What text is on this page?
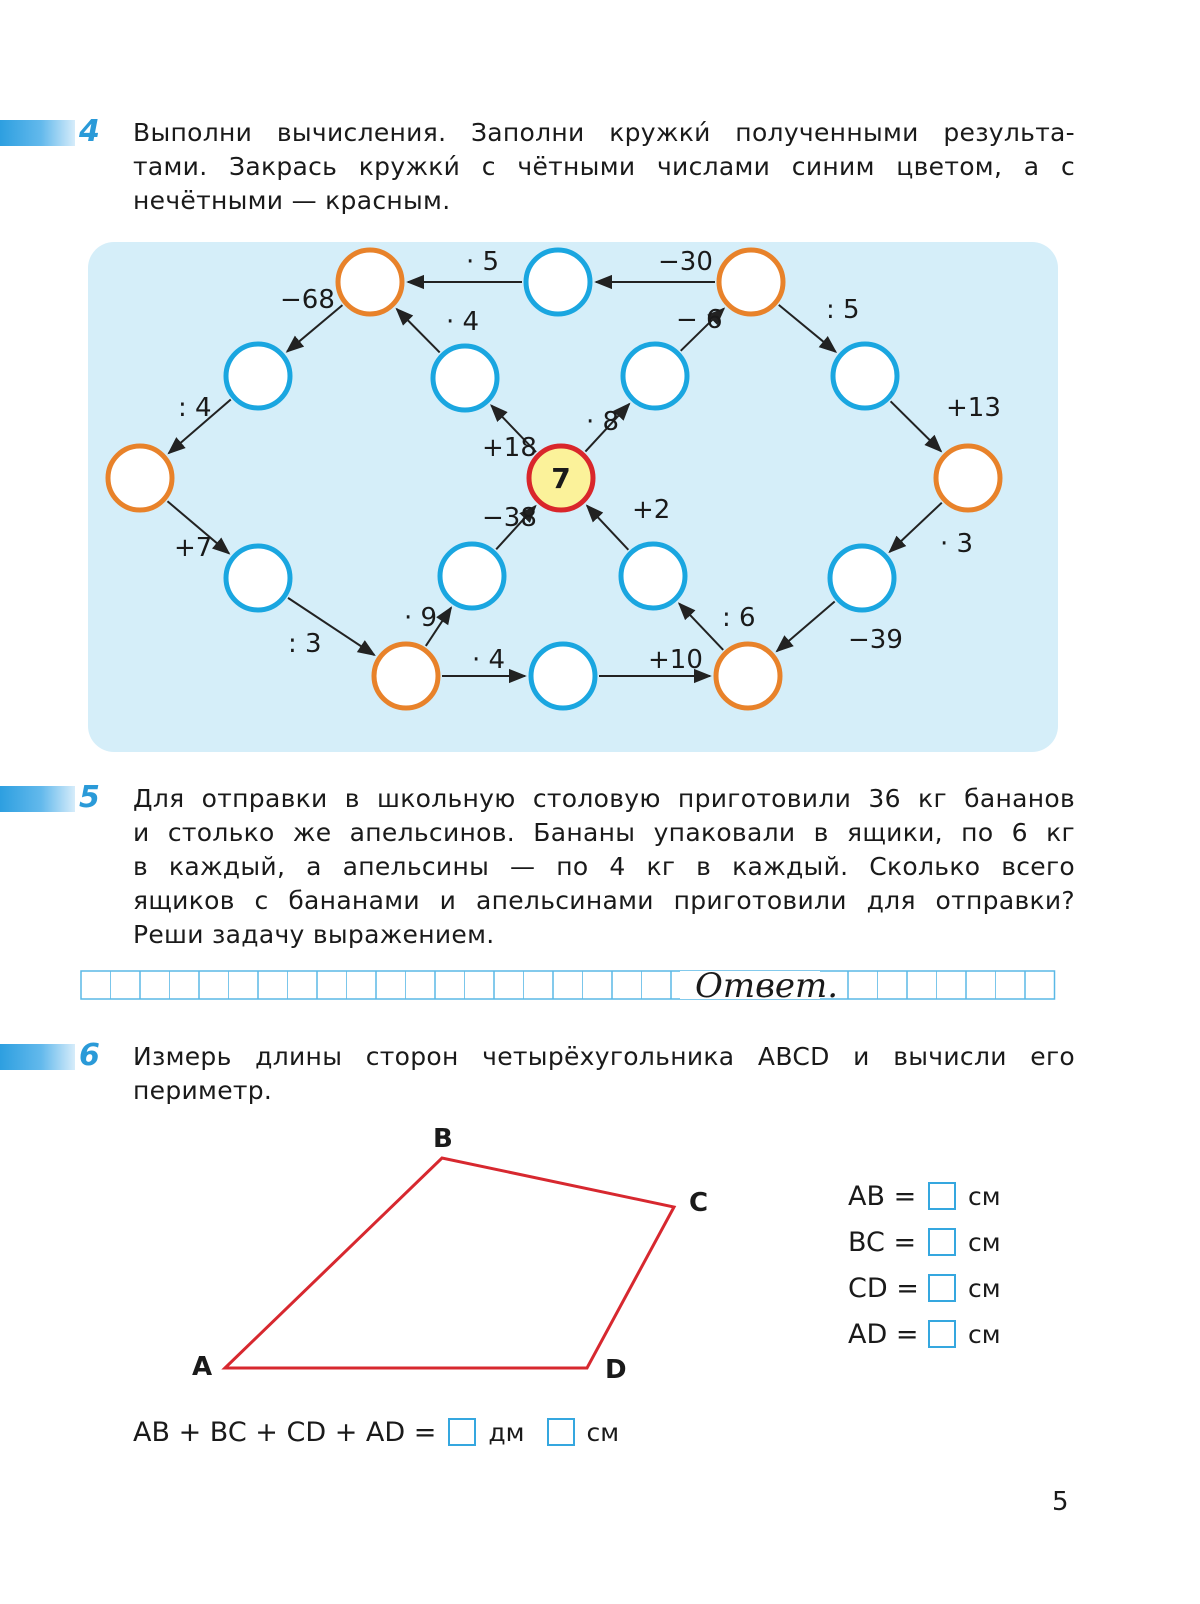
4 Выполни вычисления. Заполни кружки́ полученными результа-
тами. Закрась кружки́ с чётными числами синим цветом, а с
нечётными — красным.
7
· 5	−30
−68
· 4	− 6	: 5
: 4	· 8	+13
+18
+2
−38
+7	· 3
· 9	: 6
: 3	−39
· 4	+10
5 Для отправки в школьную столовую приготовили 36 кг бананов
и столько же апельсинов. Бананы упаковали в ящики, по 6 кг
в каждый, а апельсины — по 4 кг в каждый. Сколько всего
ящиков с бананами и апельсинами приготовили для отправки?
Реши задачу выражением.
Ответ.
6 Измерь длины сторон четырёхугольника ABCD и вычисли его
периметр.
A
B
C
D
AB =	см
BC =	см
CD =	см
AD =	см
AB + BC + CD + AD = дм см
5
